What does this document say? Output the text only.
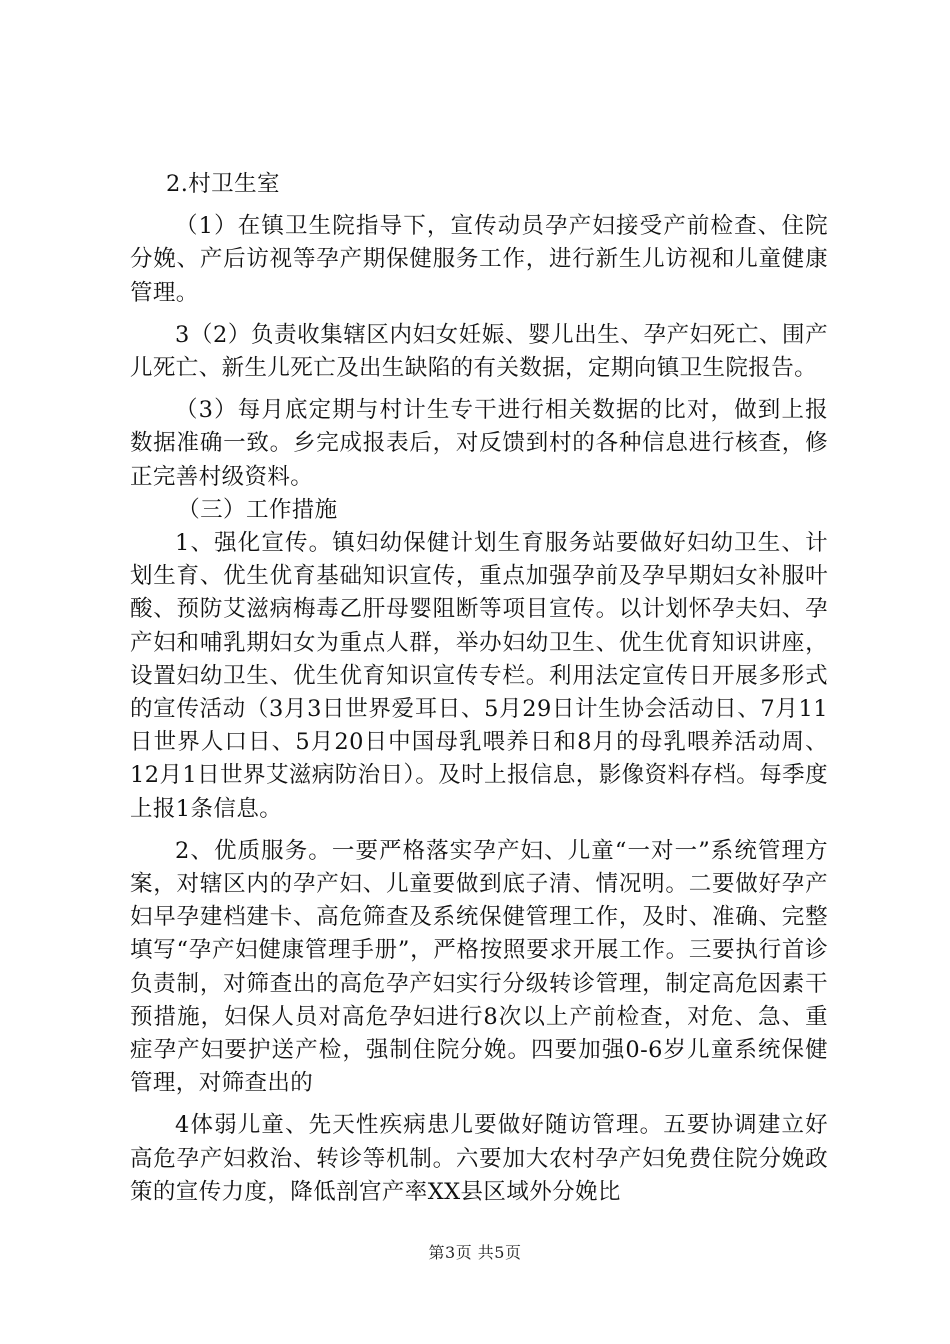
2.村卫生室

（1）在镇卫生院指导下，宣传动员孕产妇接受产前检查、住院分娩、产后访视等孕产期保健服务工作，进行新生儿访视和儿童健康管理。

3（2）负责收集辖区内妇女妊娠、婴儿出生、孕产妇死亡、围产儿死亡、新生儿死亡及出生缺陷的有关数据，定期向镇卫生院报告。

（3）每月底定期与村计生专干进行相关数据的比对，做到上报数据准确一致。乡完成报表后，对反馈到村的各种信息进行核查，修正完善村级资料。

（三）工作措施

1、强化宣传。镇妇幼保健计划生育服务站要做好妇幼卫生、计划生育、优生优育基础知识宣传，重点加强孕前及孕早期妇女补服叶酸、预防艾滋病梅毒乙肝母婴阻断等项目宣传。以计划怀孕夫妇、孕产妇和哺乳期妇女为重点人群，举办妇幼卫生、优生优育知识讲座，设置妇幼卫生、优生优育知识宣传专栏。利用法定宣传日开展多形式的宣传活动（3月3日世界爱耳日、5月29日计生协会活动日、7月11日世界人口日、5月20日中国母乳喂养日和8月的母乳喂养活动周、12月1日世界艾滋病防治日）。及时上报信息，影像资料存档。每季度上报1条信息。

2、优质服务。一要严格落实孕产妇、儿童“一对一”系统管理方案，对辖区内的孕产妇、儿童要做到底子清、情况明。二要做好孕产妇早孕建档建卡、高危筛查及系统保健管理工作，及时、准确、完整填写“孕产妇健康管理手册”，严格按照要求开展工作。三要执行首诊负责制，对筛查出的高危孕产妇实行分级转诊管理，制定高危因素干预措施，妇保人员对高危孕妇进行8次以上产前检查，对危、急、重症孕产妇要护送产检，强制住院分娩。四要加强0-6岁儿童系统保健管理，对筛查出的

4体弱儿童、先天性疾病患儿要做好随访管理。五要协调建立好高危孕产妇救治、转诊等机制。六要加大农村孕产妇免费住院分娩政策的宣传力度，降低剖宫产率XX县区域外分娩比

第3页 共5页
